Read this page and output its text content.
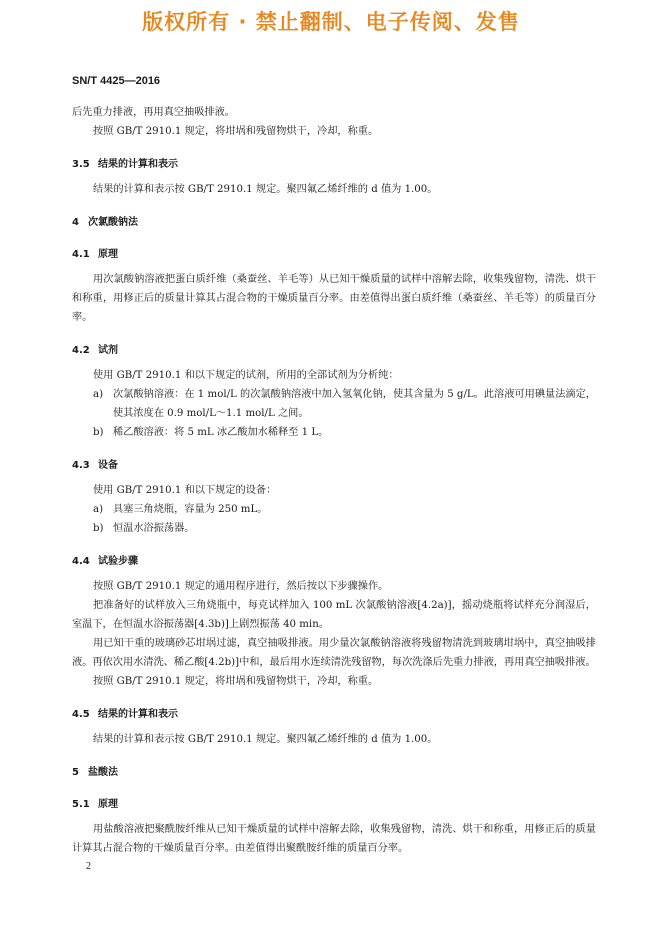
版权所有 · 禁止翻制、电子传阅、发售
SN/T 4425—2016

后先重力排液，再用真空抽吸排液。

按照 GB/T 2910.1 规定，将坩埚和残留物烘干，冷却，称重。

3.5 结果的计算和表示

结果的计算和表示按 GB/T 2910.1 规定。聚四氟乙烯纤维的 d 值为 1.00。

4 次氯酸钠法
4.1 原理

用次氯酸钠溶液把蛋白质纤维（桑蚕丝、羊毛等）从已知干燥质量的试样中溶解去除，收集残留物，清洗、烘干和称重，用修正后的质量计算其占混合物的干燥质量百分率。由差值得出蛋白质纤维（桑蚕丝、羊毛等）的质量百分率。

4.2 试剂

使用 GB/T 2910.1 和以下规定的试剂，所用的全部试剂为分析纯：

a) 次氯酸钠溶液：在 1 mol/L 的次氯酸钠溶液中加入氢氧化钠，使其含量为 5 g/L。此溶液可用碘量法滴定，使其浓度在 0.9 mol/L～1.1 mol/L 之间。
b) 稀乙酸溶液：将 5 mL 冰乙酸加水稀释至 1 L。
4.3 设备

使用 GB/T 2910.1 和以下规定的设备：

a) 具塞三角烧瓶，容量为 250 mL。
b) 恒温水浴振荡器。
4.4 试验步骤

按照 GB/T 2910.1 规定的通用程序进行，然后按以下步骤操作。

把准备好的试样放入三角烧瓶中，每克试样加入 100 mL 次氯酸钠溶液[4.2a)]，摇动烧瓶将试样充分润湿后，室温下，在恒温水浴振荡器[4.3b)]上剧烈振荡 40 min。

用已知干重的玻璃砂芯坩埚过滤，真空抽吸排液。用少量次氯酸钠溶液将残留物清洗到玻璃坩埚中，真空抽吸排液。再依次用水清洗、稀乙酸[4.2b)]中和，最后用水连续清洗残留物，每次洗涤后先重力排液，再用真空抽吸排液。

按照 GB/T 2910.1 规定，将坩埚和残留物烘干，冷却，称重。

4.5 结果的计算和表示

结果的计算和表示按 GB/T 2910.1 规定。聚四氟乙烯纤维的 d 值为 1.00。

5 盐酸法
5.1 原理

用盐酸溶液把聚酰胺纤维从已知干燥质量的试样中溶解去除，收集残留物，清洗、烘干和称重，用修正后的质量计算其占混合物的干燥质量百分率。由差值得出聚酰胺纤维的质量百分率。

2
